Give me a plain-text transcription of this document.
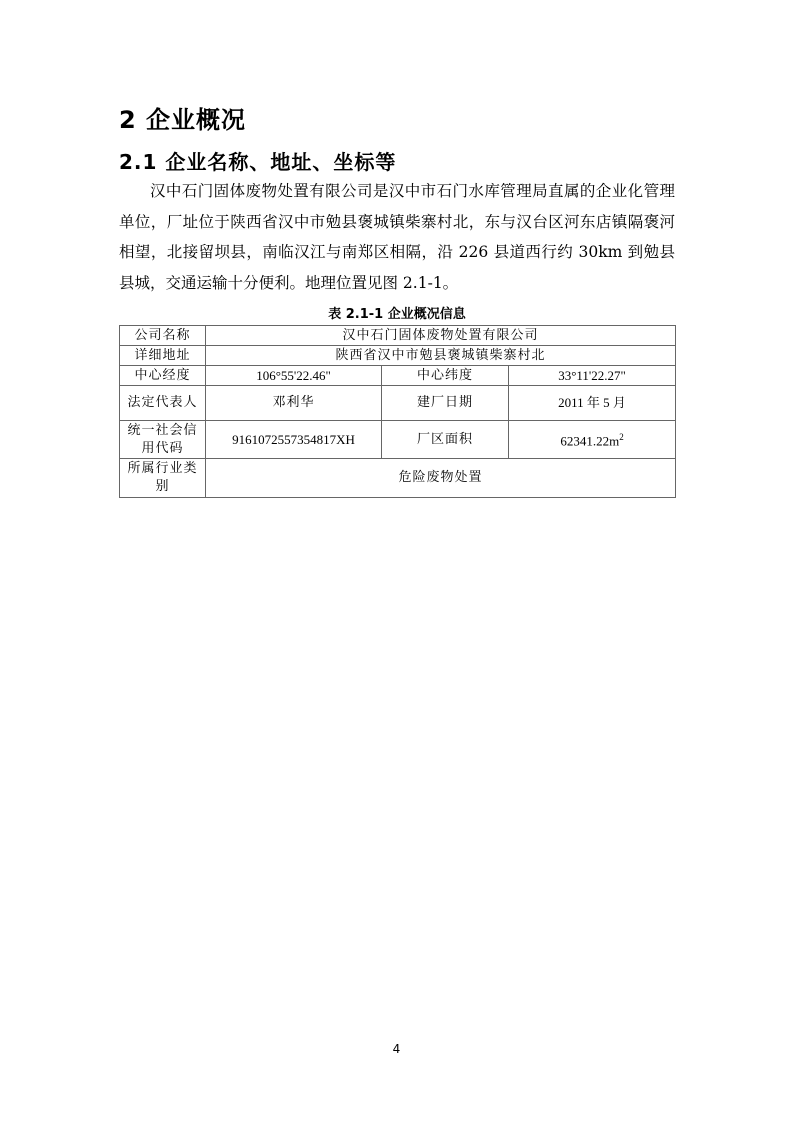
2 企业概况
2.1 企业名称、地址、坐标等

汉中石门固体废物处置有限公司是汉中市石门水库管理局直属的企业化管理单位，厂址位于陕西省汉中市勉县褒城镇柴寨村北，东与汉台区河东店镇隔褒河相望，北接留坝县，南临汉江与南郑区相隔，沿 226 县道西行约 30km 到勉县县城，交通运输十分便利。地理位置见图 2.1-1。

表 2.1-1 企业概况信息
公司名称	汉中石门固体废物处置有限公司		
详细地址	陕西省汉中市勉县褒城镇柴寨村北		
中心经度	106°55'22.46"	中心纬度	33°11'22.27"
法定代表人	邓利华	建厂日期	2011 年 5 月
统一社会信用代码	9161072557354817XH	厂区面积	$62341.22m^2$
所属行业类别	危险废物处置		
4
